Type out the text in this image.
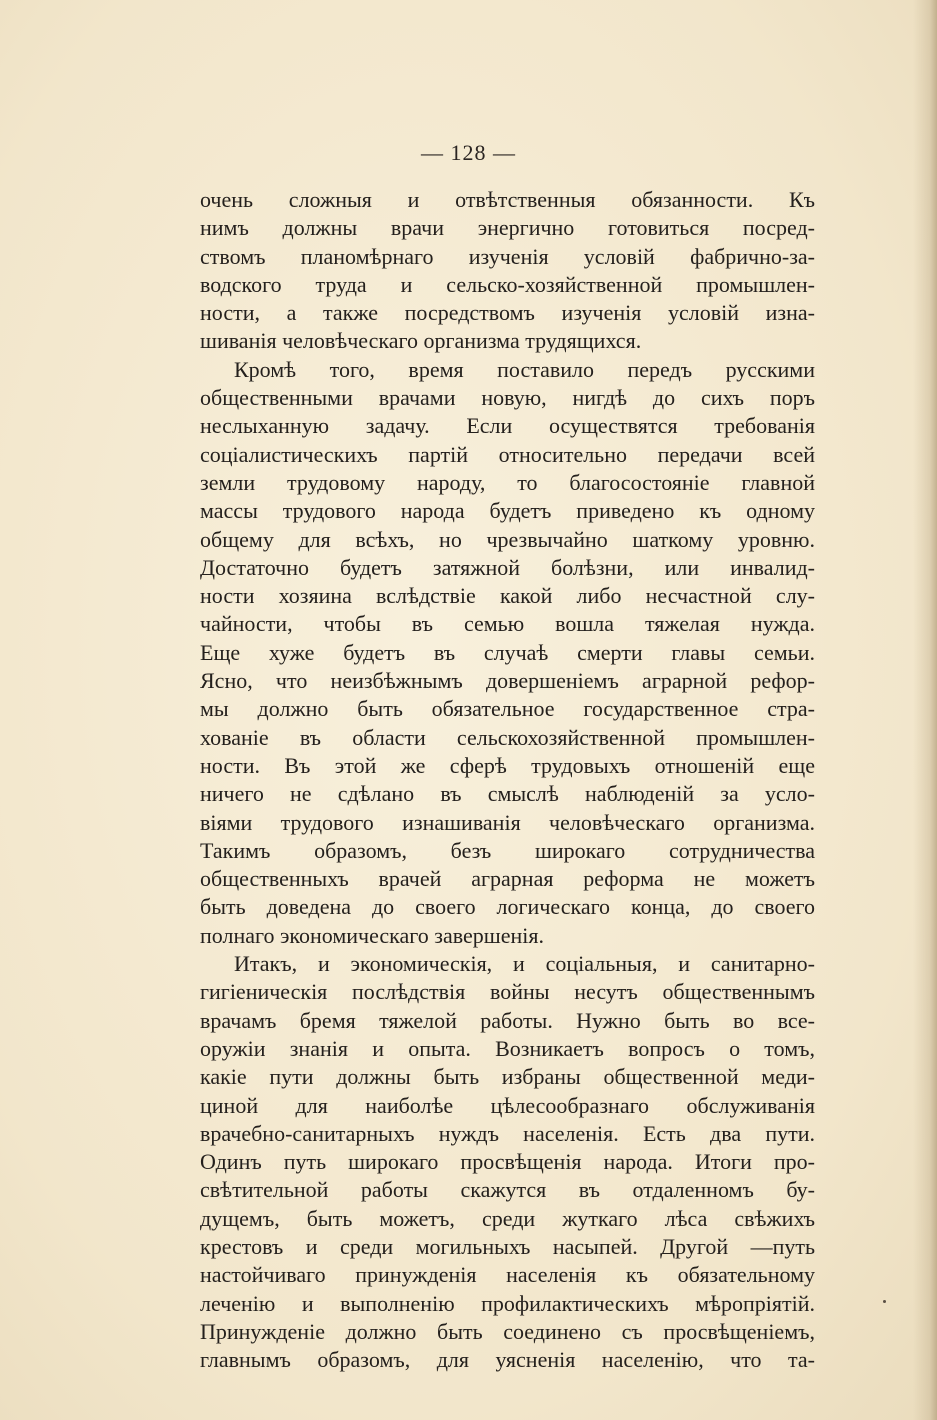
— 128 —
очень сложныя и отвѣтственныя обязанности. Къ
нимъ должны врачи энергично готовиться посред-
ствомъ планомѣрнаго изученія условій фабрично-за-
водского труда и сельско-хозяйственной промышлен-
ности, а также посредствомъ изученія условій изна-
шиванія человѣческаго организма трудящихся.
Кромѣ того, время поставило передъ русскими
общественными врачами новую, нигдѣ до сихъ поръ
неслыханную задачу. Если осуществятся требованія
соціалистическихъ партій относительно передачи всей
земли трудовому народу, то благосостояніе главной
массы трудового народа будетъ приведено къ одному
общему для всѣхъ, но чрезвычайно шаткому уровню.
Достаточно будетъ затяжной болѣзни, или инвалид-
ности хозяина вслѣдствіе какой либо несчастной слу-
чайности, чтобы въ семью вошла тяжелая нужда.
Еще хуже будетъ въ случаѣ смерти главы семьи.
Ясно, что неизбѣжнымъ довершеніемъ аграрной рефор-
мы должно быть обязательное государственное стра-
хованіе въ области сельскохозяйственной промышлен-
ности. Въ этой же сферѣ трудовыхъ отношеній еще
ничего не сдѣлано въ смыслѣ наблюденій за усло-
віями трудового изнашиванія человѣческаго организма.
Такимъ образомъ, безъ широкаго сотрудничества
общественныхъ врачей аграрная реформа не можетъ
быть доведена до своего логическаго конца, до своего
полнаго экономическаго завершенія.
Итакъ, и экономическія, и соціальныя, и санитарно-
гигіеническія послѣдствія войны несутъ общественнымъ
врачамъ бремя тяжелой работы. Нужно быть во все-
оружіи знанія и опыта. Возникаетъ вопросъ о томъ,
какіе пути должны быть избраны общественной меди-
циной для наиболѣе цѣлесообразнаго обслуживанія
врачебно-санитарныхъ нуждъ населенія. Есть два пути.
Одинъ путь широкаго просвѣщенія народа. Итоги про-
свѣтительной работы скажутся въ отдаленномъ бу-
дущемъ, быть можетъ, среди жуткаго лѣса свѣжихъ
крестовъ и среди могильныхъ насыпей. Другой —путь
настойчиваго принужденія населенія къ обязательному
леченію и выполненію профилактическихъ мѣропріятій.
Принужденіе должно быть соединено съ просвѣщеніемъ,
главнымъ образомъ, для уясненія населенію, что та-
